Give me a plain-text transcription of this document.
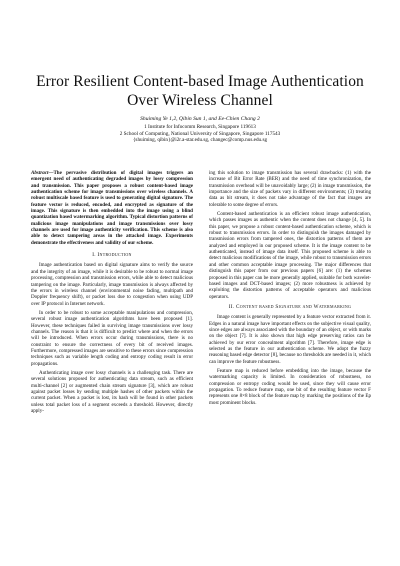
Error Resilient Content-based Image Authentication Over Wireless Channel
Shuiming Ye 1,2, Qibin Sun 1, and Ee-Chien Chang 2
1 Institute for Infocomm Research, Singapore 119613
2 School of Computing, National University of Singapore, Singapore 117543
{shuiming, qibin}@i2r.a-star.edu.sg, changec@comp.nus.edu.sg

Abstract—The pervasive distribution of digital images triggers an emergent need of authenticating degraded images by lossy compression and transmission. This paper proposes a robust content-based image authentication scheme for image transmissions over wireless channels. A robust multiscale based feature is used to generating digital signature. The feature vector is reduced, encoded, and encrypted as signature of the image. This signature is then embedded into the image using a blind quantization based watermarking algorithm. Typical distortion patterns of malicious image manipulations and image transmissions over lossy channels are used for image authenticity verification. This scheme is also able to detect tampering areas in the attacked image. Experiments demonstrate the effectiveness and validity of our scheme.

I. Introduction

Image authentication based on digital signature aims to verify the source and the integrity of an image, while it is desirable to be robust to normal image processing, compression and transmission errors, while able to detect malicious tampering on the image. Particularly, image transmission is always affected by the errors in wireless channel (environmental noise fading, multipath and Doppler frequency shift), or packet loss due to congestion when using UDP over IP protocol in Internet network.

In order to be robust to some acceptable manipulations and compression, several robust image authentication algorithms have been proposed [1]. However, these techniques failed in surviving image transmissions over lossy channels. The reason is that it is difficult to predict where and when the errors will be introduced. When errors occur during transmissions, there is no constraint to ensure the correctness of every bit of received images. Furthermore, compressed images are sensitive to these errors since compression techniques such as variable length coding and entropy coding result in error propagations.

Authenticating image over lossy channels is a challenging task. There are several solutions proposed for authenticating data stream, such as efficient multi-channel [2] or augmented chain stream signature [3], which are robust against packet losses by sending multiple hashes of other packets within the current packet. When a packet is lost, its hash will be found in other packets unless total packet loss of a segment exceeds a threshold. However, directly apply-

ing this solution to image transmission has several drawbacks: (1) with the increase of Bit Error Rate (BER) and the need of time synchronization, the transmission overhead will be unavoidably large; (2) in image transmission, the importance and the size of packets vary in different environments; (3) treating data as bit stream, it does not take advantage of the fact that images are tolerable to some degree of errors.

Content-based authentication is an efficient robust image authentication, which passes images as authentic when the content does not change [4, 5]. In this paper, we propose a robust content-based authentication scheme, which is robust to transmission errors. In order to distinguish the images damaged by transmission errors from tampered ones, the distortion patterns of them are analyzed and employed in our proposed scheme. It is the image content to be authenticated, instead of image data itself. This proposed scheme is able to detect malicious modifications of the image, while robust to transmission errors and other common acceptable image processing. The major differences that distinguish this paper from our previous papers [6] are: (1) the schemes proposed in this paper can be more generally applied, suitable for both wavelet-based images and DCT-based images; (2) more robustness is achieved by exploiting the distortion patterns of acceptable operators and malicious operators.

II. Content based Signature and Watermarking

Image content is generally represented by a feature vector extracted from it. Edges in a natural image have important effects on the subjective visual quality, since edges are always associated with the boundary of an object, or with marks on the object [7]. It is also shown that high edge preserving ratios can be achieved by our error concealment algorithm [7]. Therefore, image edge is selected as the feature in our authentication scheme. We adopt the fuzzy reasoning based edge detector [8], because no thresholds are needed in it, which can improve the feature robustness.

Feature map is reduced before embedding into the image, because the watermarking capacity is limited. In consideration of robustness, no compression or entropy coding would be used, since they will cause error propagation. To reduce feature map, one bit of the resulting feature vector F represents one 8×8 block of the feature map by marking the positions of the Ep most prominent blocks.
